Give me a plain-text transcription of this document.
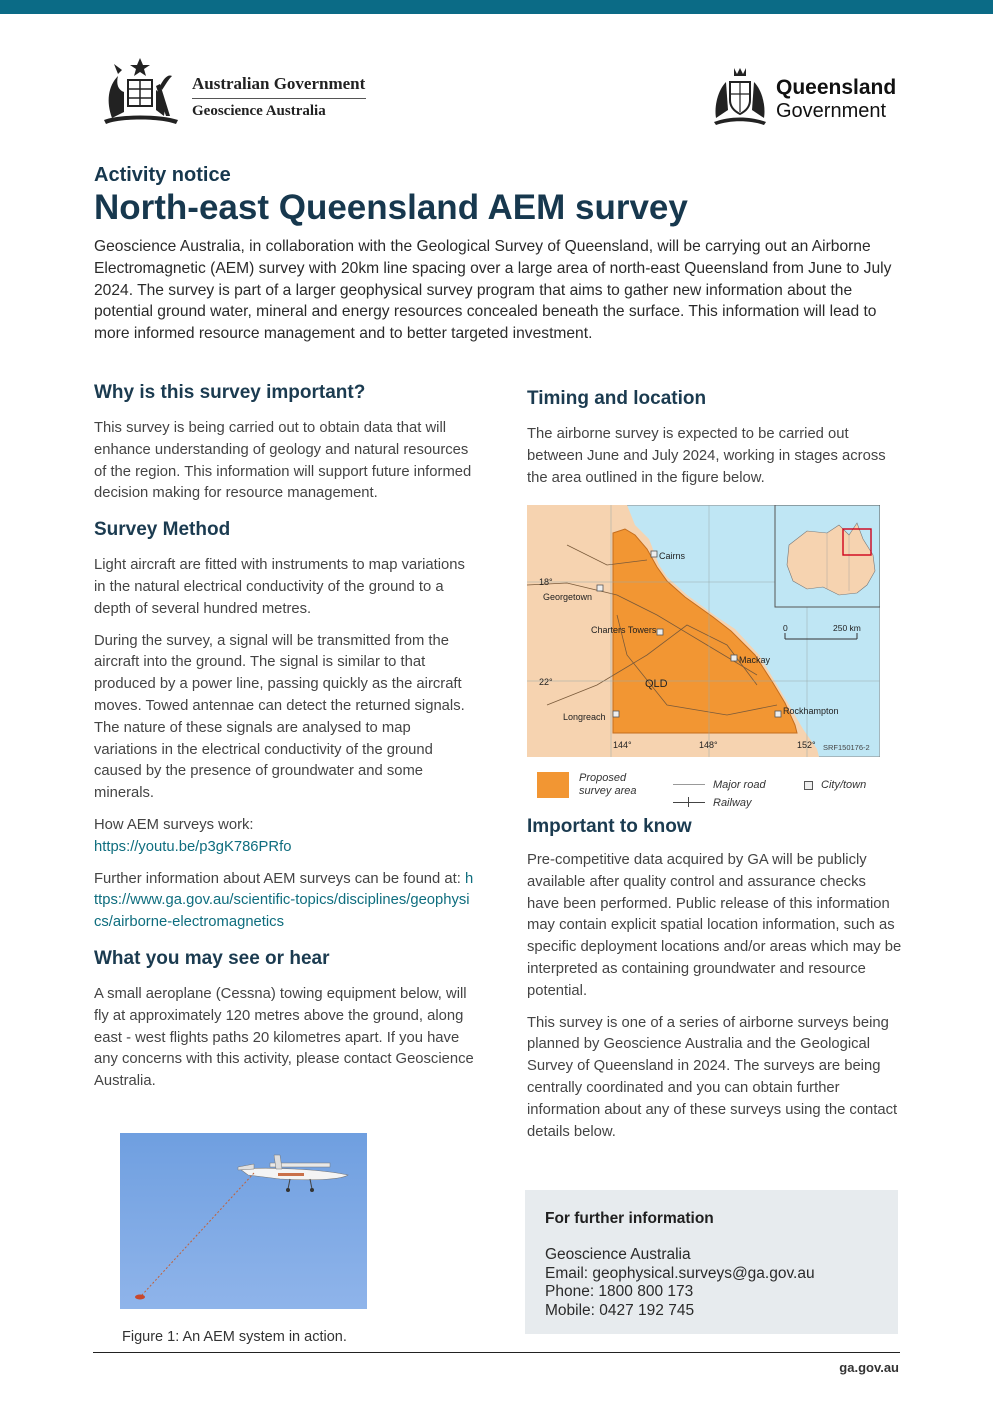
Australian Government
Geoscience Australia
Queensland
Government
Activity notice
North-east Queensland AEM survey
Geoscience Australia, in collaboration with the Geological Survey of Queensland, will be carrying out an Airborne Electromagnetic (AEM) survey with 20km line spacing over a large area of north-east Queensland from June to July 2024. The survey is part of a larger geophysical survey program that aims to gather new information about the potential ground water, mineral and energy resources concealed beneath the surface. This information will lead to more informed resource management and to better targeted investment.
Why is this survey important?

This survey is being carried out to obtain data that will enhance understanding of geology and natural resources of the region. This information will support future informed decision making for resource management.

Survey Method

Light aircraft are fitted with instruments to map variations in the natural electrical conductivity of the ground to a depth of several hundred metres.

During the survey, a signal will be transmitted from the aircraft into the ground. The signal is similar to that produced by a power line, passing quickly as the aircraft moves. Towed antennae can detect the returned signals. The nature of these signals are analysed to map variations in the electrical conductivity of the ground caused by the presence of groundwater and some minerals.

How AEM surveys work:
https://youtu.be/p3gK786PRfo

Further information about AEM surveys can be found at: https://www.ga.gov.au/scientific-topics/disciplines/geophysics/airborne-electromagnetics

What you may see or hear

A small aeroplane (Cessna) towing equipment below, will fly at approximately 120 metres above the ground, along east - west flights paths 20 kilometres apart. If you have any concerns with this activity, please contact Geoscience Australia.

Figure 1: An AEM system in action.
Timing and location

The airborne survey is expected to be carried out between June and July 2024, working in stages across the area outlined in the figure below.

144°	148°	152°
18°
22°
Cairns
Georgetown
Charters Towers
Mackay
Longreach
Rockhampton
QLD
0	250 km
SRF150176-2
Proposed
survey area	Major road
Railway
City/town
Important to know

Pre-competitive data acquired by GA will be publicly available after quality control and assurance checks have been performed. Public release of this information may contain explicit spatial location information, such as specific deployment locations and/or areas which may be interpreted as containing groundwater and resource potential.

This survey is one of a series of airborne surveys being planned by Geoscience Australia and the Geological Survey of Queensland in 2024. The surveys are being centrally coordinated and you can obtain further information about any of these surveys using the contact details below.

For further information
Geoscience Australia
Email: geophysical.surveys@ga.gov.au
Phone: 1800 800 173
Mobile: 0427 192 745
ga.gov.au
